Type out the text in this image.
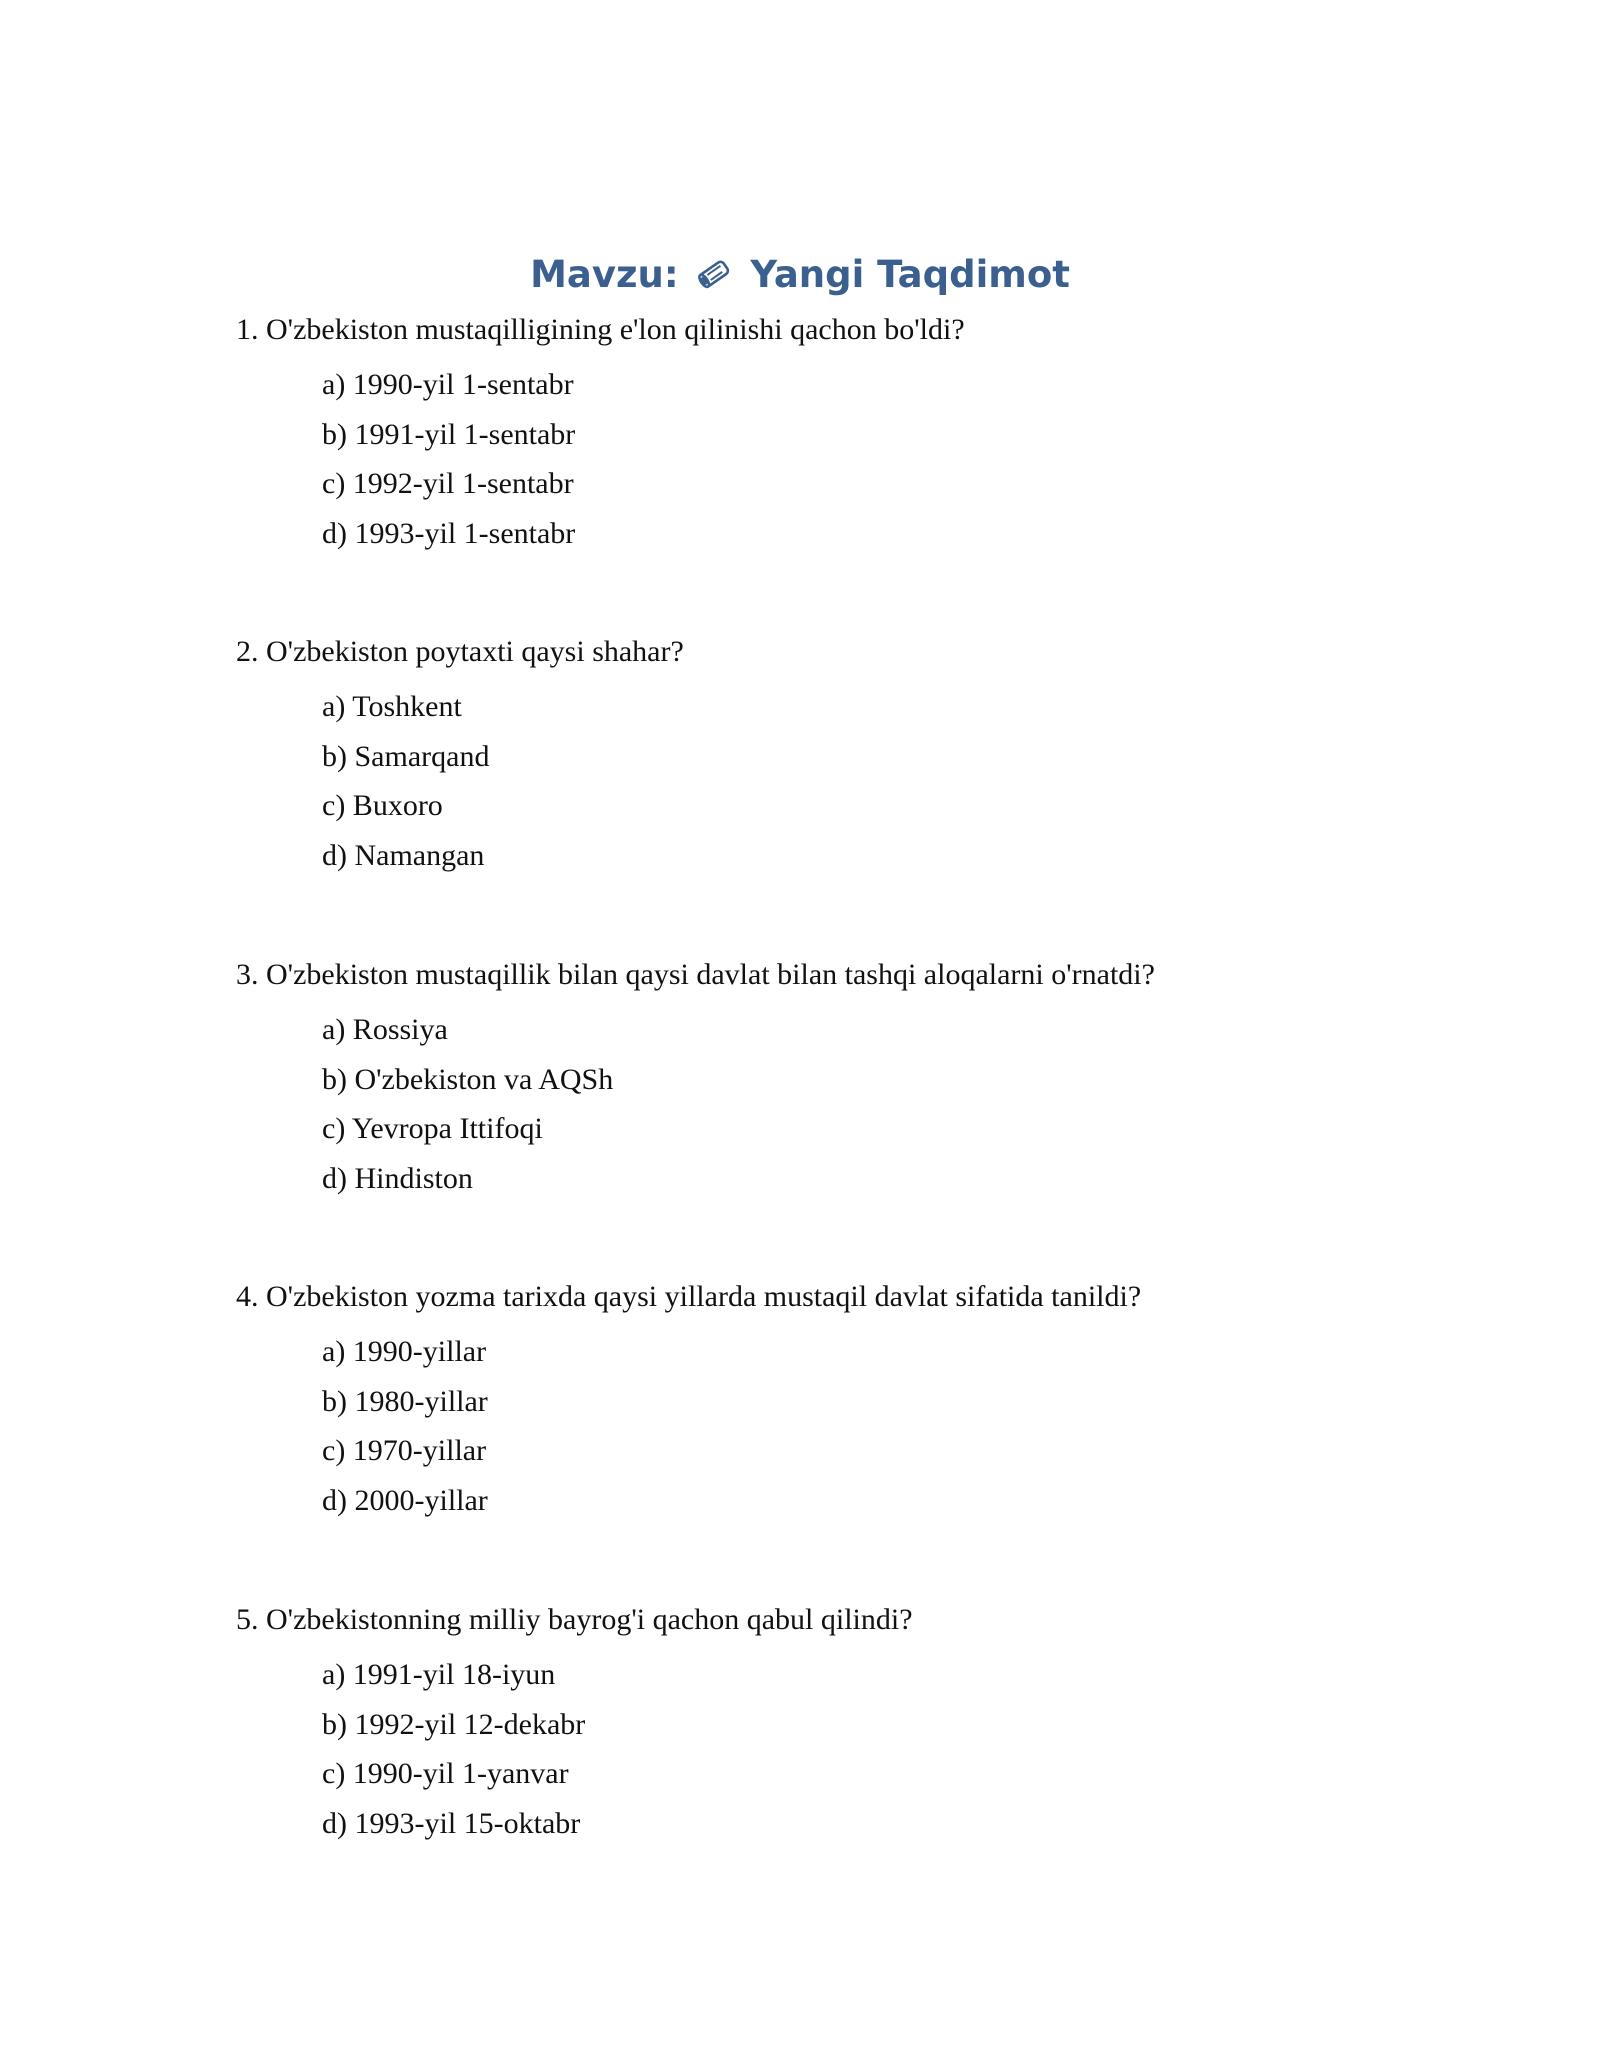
Mavzu: Yangi Taqdimot
1. O'zbekiston mustaqilligining e'lon qilinishi qachon bo'ldi?
a) 1990-yil 1-sentabr
b) 1991-yil 1-sentabr
c) 1992-yil 1-sentabr
d) 1993-yil 1-sentabr
2. O'zbekiston poytaxti qaysi shahar?
a) Toshkent
b) Samarqand
c) Buxoro
d) Namangan
3. O'zbekiston mustaqillik bilan qaysi davlat bilan tashqi aloqalarni o'rnatdi?
a) Rossiya
b) O'zbekiston va AQSh
c) Yevropa Ittifoqi
d) Hindiston
4. O'zbekiston yozma tarixda qaysi yillarda mustaqil davlat sifatida tanildi?
a) 1990-yillar
b) 1980-yillar
c) 1970-yillar
d) 2000-yillar
5. O'zbekistonning milliy bayrog'i qachon qabul qilindi?
a) 1991-yil 18-iyun
b) 1992-yil 12-dekabr
c) 1990-yil 1-yanvar
d) 1993-yil 15-oktabr
